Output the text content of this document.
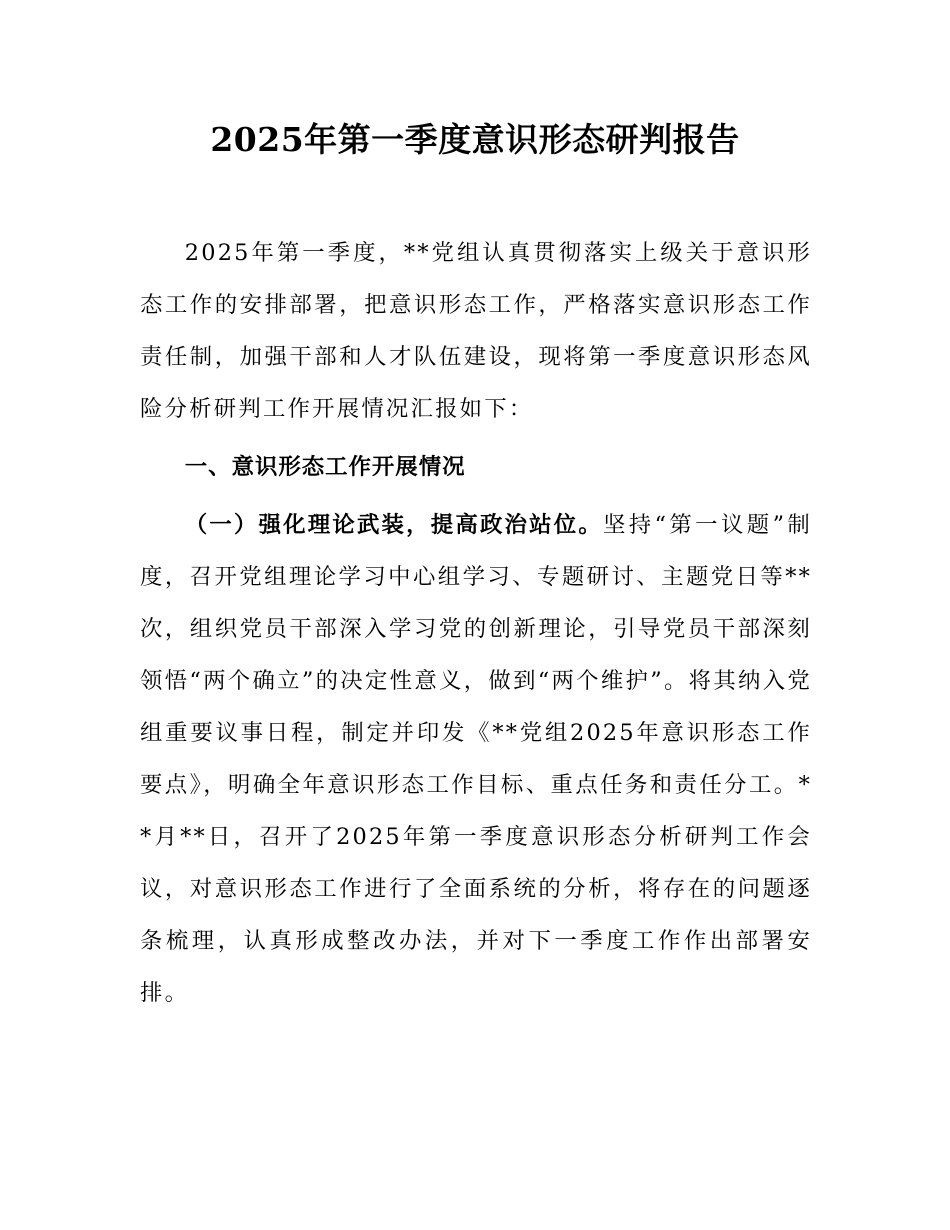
2025年第一季度意识形态研判报告

2025年第一季度，**党组认真贯彻落实上级关于意识形态工作的安排部署，把意识形态工作，严格落实意识形态工作责任制，加强干部和人才队伍建设，现将第一季度意识形态风险分析研判工作开展情况汇报如下：

一、意识形态工作开展情况

（一）强化理论武装，提高政治站位。坚持“第一议题”制度，召开党组理论学习中心组学习、专题研讨、主题党日等**次，组织党员干部深入学习党的创新理论，引导党员干部深刻领悟“两个确立”的决定性意义，做到“两个维护”。将其纳入党组重要议事日程，制定并印发《**党组2025年意识形态工作要点》，明确全年意识形态工作目标、重点任务和责任分工。**月**日，召开了2025年第一季度意识形态分析研判工作会议，对意识形态工作进行了全面系统的分析，将存在的问题逐条梳理，认真形成整改办法，并对下一季度工作作出部署安排。
